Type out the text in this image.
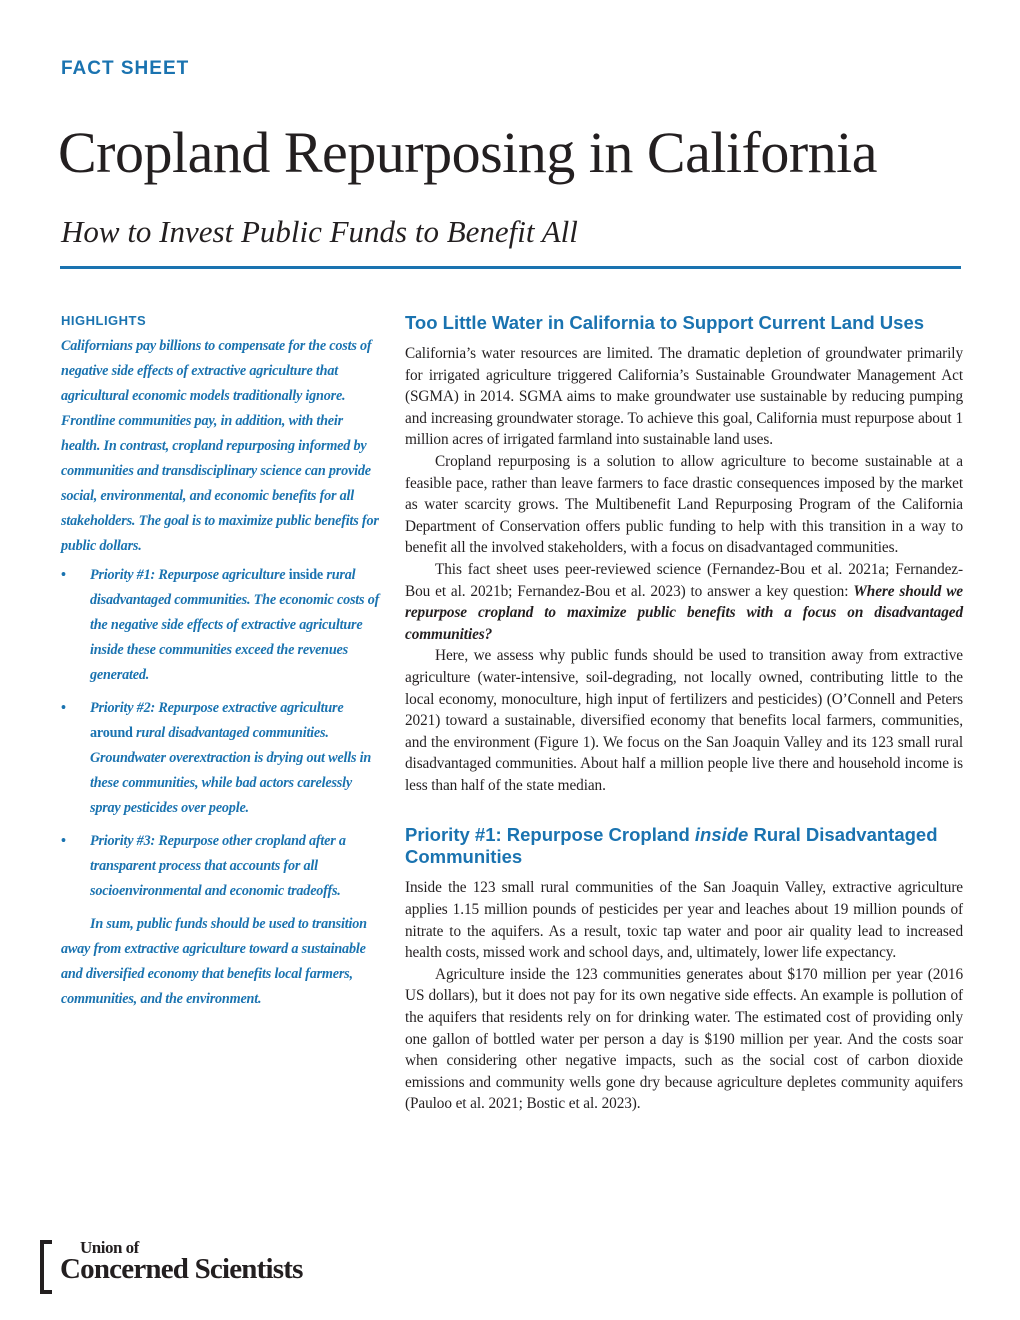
FACT SHEET
Cropland Repurposing in California
How to Invest Public Funds to Benefit All
HIGHLIGHTS

Californians pay billions to compensate for the costs of negative side effects of extractive agriculture that agricultural economic models traditionally ignore. Frontline communities pay, in addition, with their health. In contrast, cropland repurposing informed by communities and transdisciplinary science can provide social, environmental, and economic benefits for all stakeholders. The goal is to maximize public benefits for public dollars.

• Priority #1: Repurpose agriculture inside rural disadvantaged communities. The economic costs of the negative side effects of extractive agriculture inside these communities exceed the revenues generated.
• Priority #2: Repurpose extractive agriculture around rural disadvantaged communities. Groundwater overextraction is drying out wells in these communities, while bad actors carelessly spray pesticides over people.
• Priority #3: Repurpose other cropland after a transparent process that accounts for all socioenvironmental and economic tradeoffs.

In sum, public funds should be used to transition away from extractive agriculture toward a sustainable and diversified economy that benefits local farmers, communities, and the environment.

Too Little Water in California to Support Current Land Uses

California’s water resources are limited. The dramatic depletion of groundwater primarily for irrigated agriculture triggered California’s Sustainable Groundwater Management Act (SGMA) in 2014. SGMA aims to make groundwater use sustainable by reducing pumping and increasing groundwater storage. To achieve this goal, California must repurpose about 1 million acres of irrigated farmland into sustainable land uses.

Cropland repurposing is a solution to allow agriculture to become sustainable at a feasible pace, rather than leave farmers to face drastic consequences imposed by the market as water scarcity grows. The Multibenefit Land Repurposing Program of the California Department of Conservation offers public funding to help with this transition in a way to benefit all the involved stakeholders, with a focus on disadvantaged communities.

This fact sheet uses peer-reviewed science (Fernandez-Bou et al. 2021a; Fernandez-Bou et al. 2021b; Fernandez-Bou et al. 2023) to answer a key question: Where should we repurpose cropland to maximize public benefits with a focus on disadvantaged communities?

Here, we assess why public funds should be used to transition away from extractive agriculture (water-intensive, soil-degrading, not locally owned, contributing little to the local economy, monoculture, high input of fertilizers and pesticides) (O’Connell and Peters 2021) toward a sustainable, diversified economy that benefits local farmers, communities, and the environment (Figure 1). We focus on the San Joaquin Valley and its 123 small rural disadvantaged communities. About half a million people live there and household income is less than half of the state median.

Priority #1: Repurpose Cropland inside Rural Disadvantaged Communities

Inside the 123 small rural communities of the San Joaquin Valley, extractive agriculture applies 1.15 million pounds of pesticides per year and leaches about 19 million pounds of nitrate to the aquifers. As a result, toxic tap water and poor air quality lead to increased health costs, missed work and school days, and, ultimately, lower life expectancy.

Agriculture inside the 123 communities generates about $170 million per year (2016 US dollars), but it does not pay for its own negative side effects. An example is pollution of the aquifers that residents rely on for drinking water. The estimated cost of providing only one gallon of bottled water per person a day is $190 million per year. And the costs soar when considering other negative impacts, such as the social cost of carbon dioxide emissions and community wells gone dry because agriculture depletes community aquifers (Pauloo et al. 2021; Bostic et al. 2023).

Union of
Concerned Scientists
